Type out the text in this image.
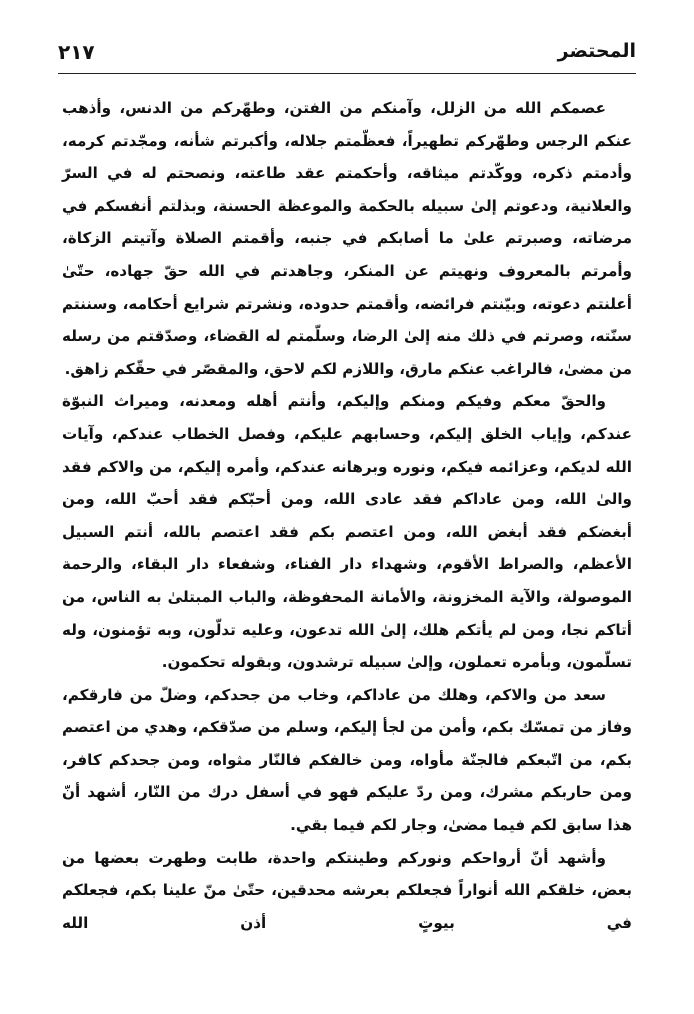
٢١٧	المحتضر

عصمكم الله من الزلل، وآمنكم من الفتن، وطهّركم من الدنس، وأذهب عنكم الرجس وطهّركم تطهيراً، فعظّمتم جلاله، وأكبرتم شأنه، ومجّدتم كرمه، وأدمتم ذكره، ووكّدتم ميثاقه، وأحكمتم عقد طاعته، ونصحتم له في السرّ والعلانية، ودعوتم إلىٰ سبيله بالحكمة والموعظة الحسنة، وبذلتم أنفسكم في مرضاته، وصبرتم علىٰ ما أصابكم في جنبه، وأقمتم الصلاة وآتيتم الزكاة، وأمرتم بالمعروف ونهيتم عن المنكر، وجاهدتم في الله حقّ جهاده، حتّىٰ أعلنتم دعوته، وبيّنتم فرائضه، وأقمتم حدوده، ونشرتم شرايع أحكامه، وسننتم سنّته، وصرتم في ذلك منه إلىٰ الرضا، وسلّمتم له القضاء، وصدّقتم من رسله من مضىٰ، فالراغب عنكم مارق، واللازم لكم لاحق، والمقصّر في حقّكم زاهق.

والحقّ معكم وفيكم ومنكم وإليكم، وأنتم أهله ومعدنه، وميراث النبوّة عندكم، وإياب الخلق إليكم، وحسابهم عليكم، وفصل الخطاب عندكم، وآيات الله لديكم، وعزائمه فيكم، ونوره وبرهانه عندكم، وأمره إليكم، من والاكم فقد والىٰ الله، ومن عاداكم فقد عادى الله، ومن أحبّكم فقد أحبّ الله، ومن أبغضكم فقد أبغض الله، ومن اعتصم بكم فقد اعتصم بالله، أنتم السبيل الأعظم، والصراط الأقوم، وشهداء دار الفناء، وشفعاء دار البقاء، والرحمة الموصولة، والآية المخزونة، والأمانة المحفوظة، والباب المبتلىٰ به الناس، من أتاكم نجا، ومن لم يأتكم هلك، إلىٰ الله تدعون، وعليه تدلّون، وبه تؤمنون، وله تسلّمون، وبأمره تعملون، وإلىٰ سبيله ترشدون، وبقوله تحكمون.

سعد من والاكم، وهلك من عاداكم، وخاب من جحدكم، وضلّ من فارقكم، وفاز من تمسّك بكم، وأمن من لجأ إليكم، وسلم من صدّقكم، وهدي من اعتصم بكم، من اتّبعكم فالجنّة مأواه، ومن خالفكم فالنّار مثواه، ومن جحدكم كافر، ومن حاربكم مشرك، ومن ردّ عليكم فهو في أسفل درك من النّار، أشهد أنّ هذا سابق لكم فيما مضىٰ، وجار لكم فيما بقي.

وأشهد أنّ أرواحكم ونوركم وطينتكم واحدة، طابت وطهرت بعضها من بعض، خلقكم الله أنواراً فجعلكم بعرشه محدقين، حتّىٰ منّ علينا بكم، فجعلكم في بيوتٍ أذن الله
